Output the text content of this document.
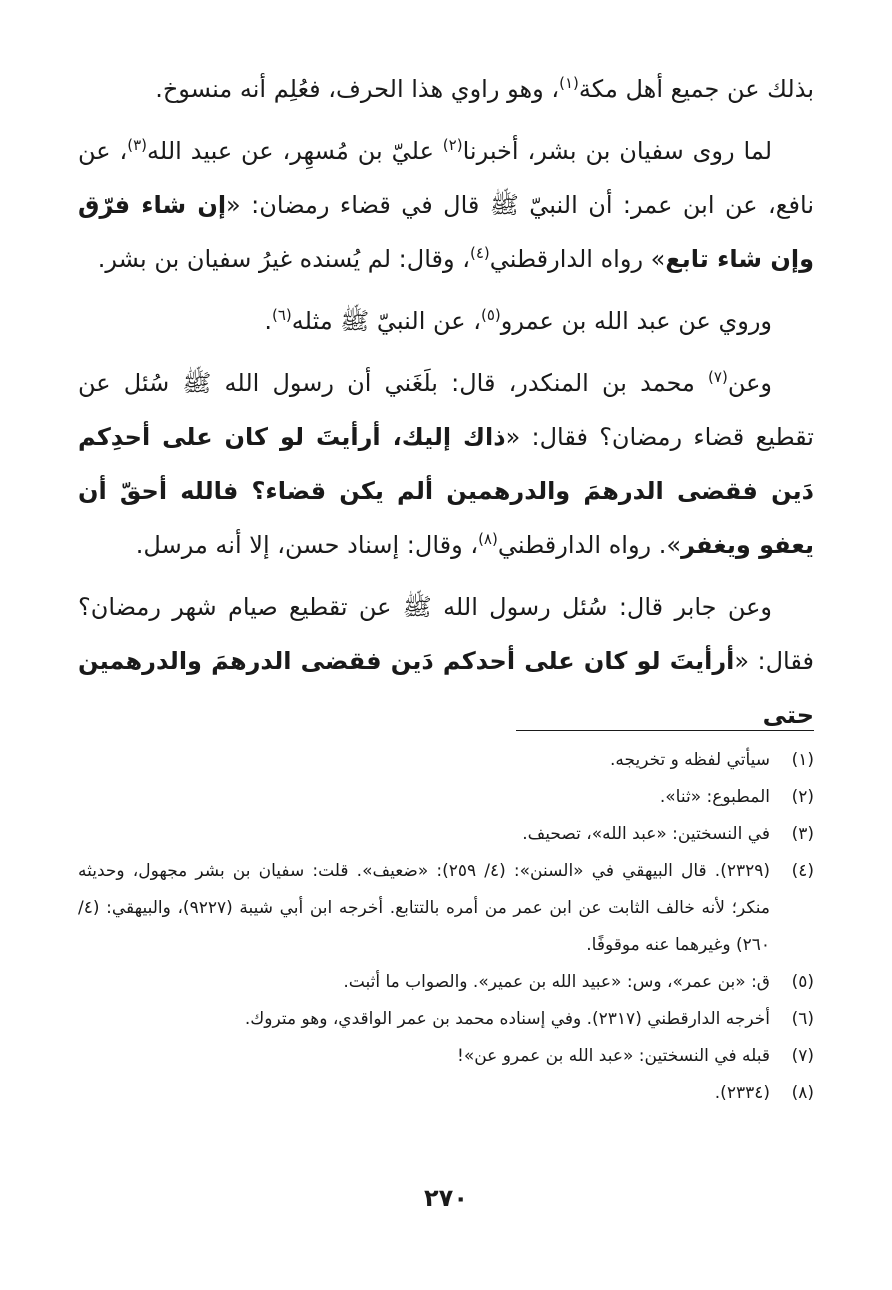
بذلك عن جميع أهل مكة$^{(١)}$، وهو راوي هذا الحرف، فعُلِم أنه منسوخ.

لما روى سفيان بن بشر، أخبرنا$^{(٢)}$ عليّ بن مُسهِر، عن عبيد الله$^{(٣)}$، عن نافع، عن ابن عمر: أن النبيّ ﷺ قال في قضاء رمضان: «إن شاء فرّق وإن شاء تابع» رواه الدارقطني$^{(٤)}$، وقال: لم يُسنده غيرُ سفيان بن بشر.

وروي عن عبد الله بن عمرو$^{(٥)}$، عن النبيّ ﷺ مثله$^{(٦)}$.

وعن$^{(٧)}$ محمد بن المنكدر، قال: بلَغَني أن رسول الله ﷺ سُئل عن تقطيع قضاء رمضان؟ فقال: «ذاك إليك، أرأيتَ لو كان على أحدِكم دَين فقضى الدرهمَ والدرهمين ألم يكن قضاء؟ فالله أحقّ أن يعفو ويغفر». رواه الدارقطني$^{(٨)}$، وقال: إسناد حسن، إلا أنه مرسل.

وعن جابر قال: سُئل رسول الله ﷺ عن تقطيع صيام شهر رمضان؟ فقال: «أرأيتَ لو كان على أحدكم دَين فقضى الدرهمَ والدرهمين حتى

(١)
سيأتي لفظه و تخريجه.
(٢)
المطبوع: «ثنا».
(٣)
في النسختين: «عبد الله»، تصحيف.
(٤)
(٢٣٢٩). قال البيهقي في «السنن»: (٤/ ٢٥٩): «ضعيف». قلت: سفيان بن بشر مجهول، وحديثه منكر؛ لأنه خالف الثابت عن ابن عمر من أمره بالتتابع. أخرجه ابن أبي شيبة (٩٢٢٧)، والبيهقي: (٤/ ٢٦٠) وغيرهما عنه موقوفًا.
(٥)
ق: «بن عمر»، وس: «عبيد الله بن عمير». والصواب ما أثبت.
(٦)
أخرجه الدارقطني (٢٣١٧). وفي إسناده محمد بن عمر الواقدي، وهو متروك.
(٧)
قبله في النسختين: «عبد الله بن عمرو عن»!
(٨)
(٢٣٣٤).
٢٧٠
